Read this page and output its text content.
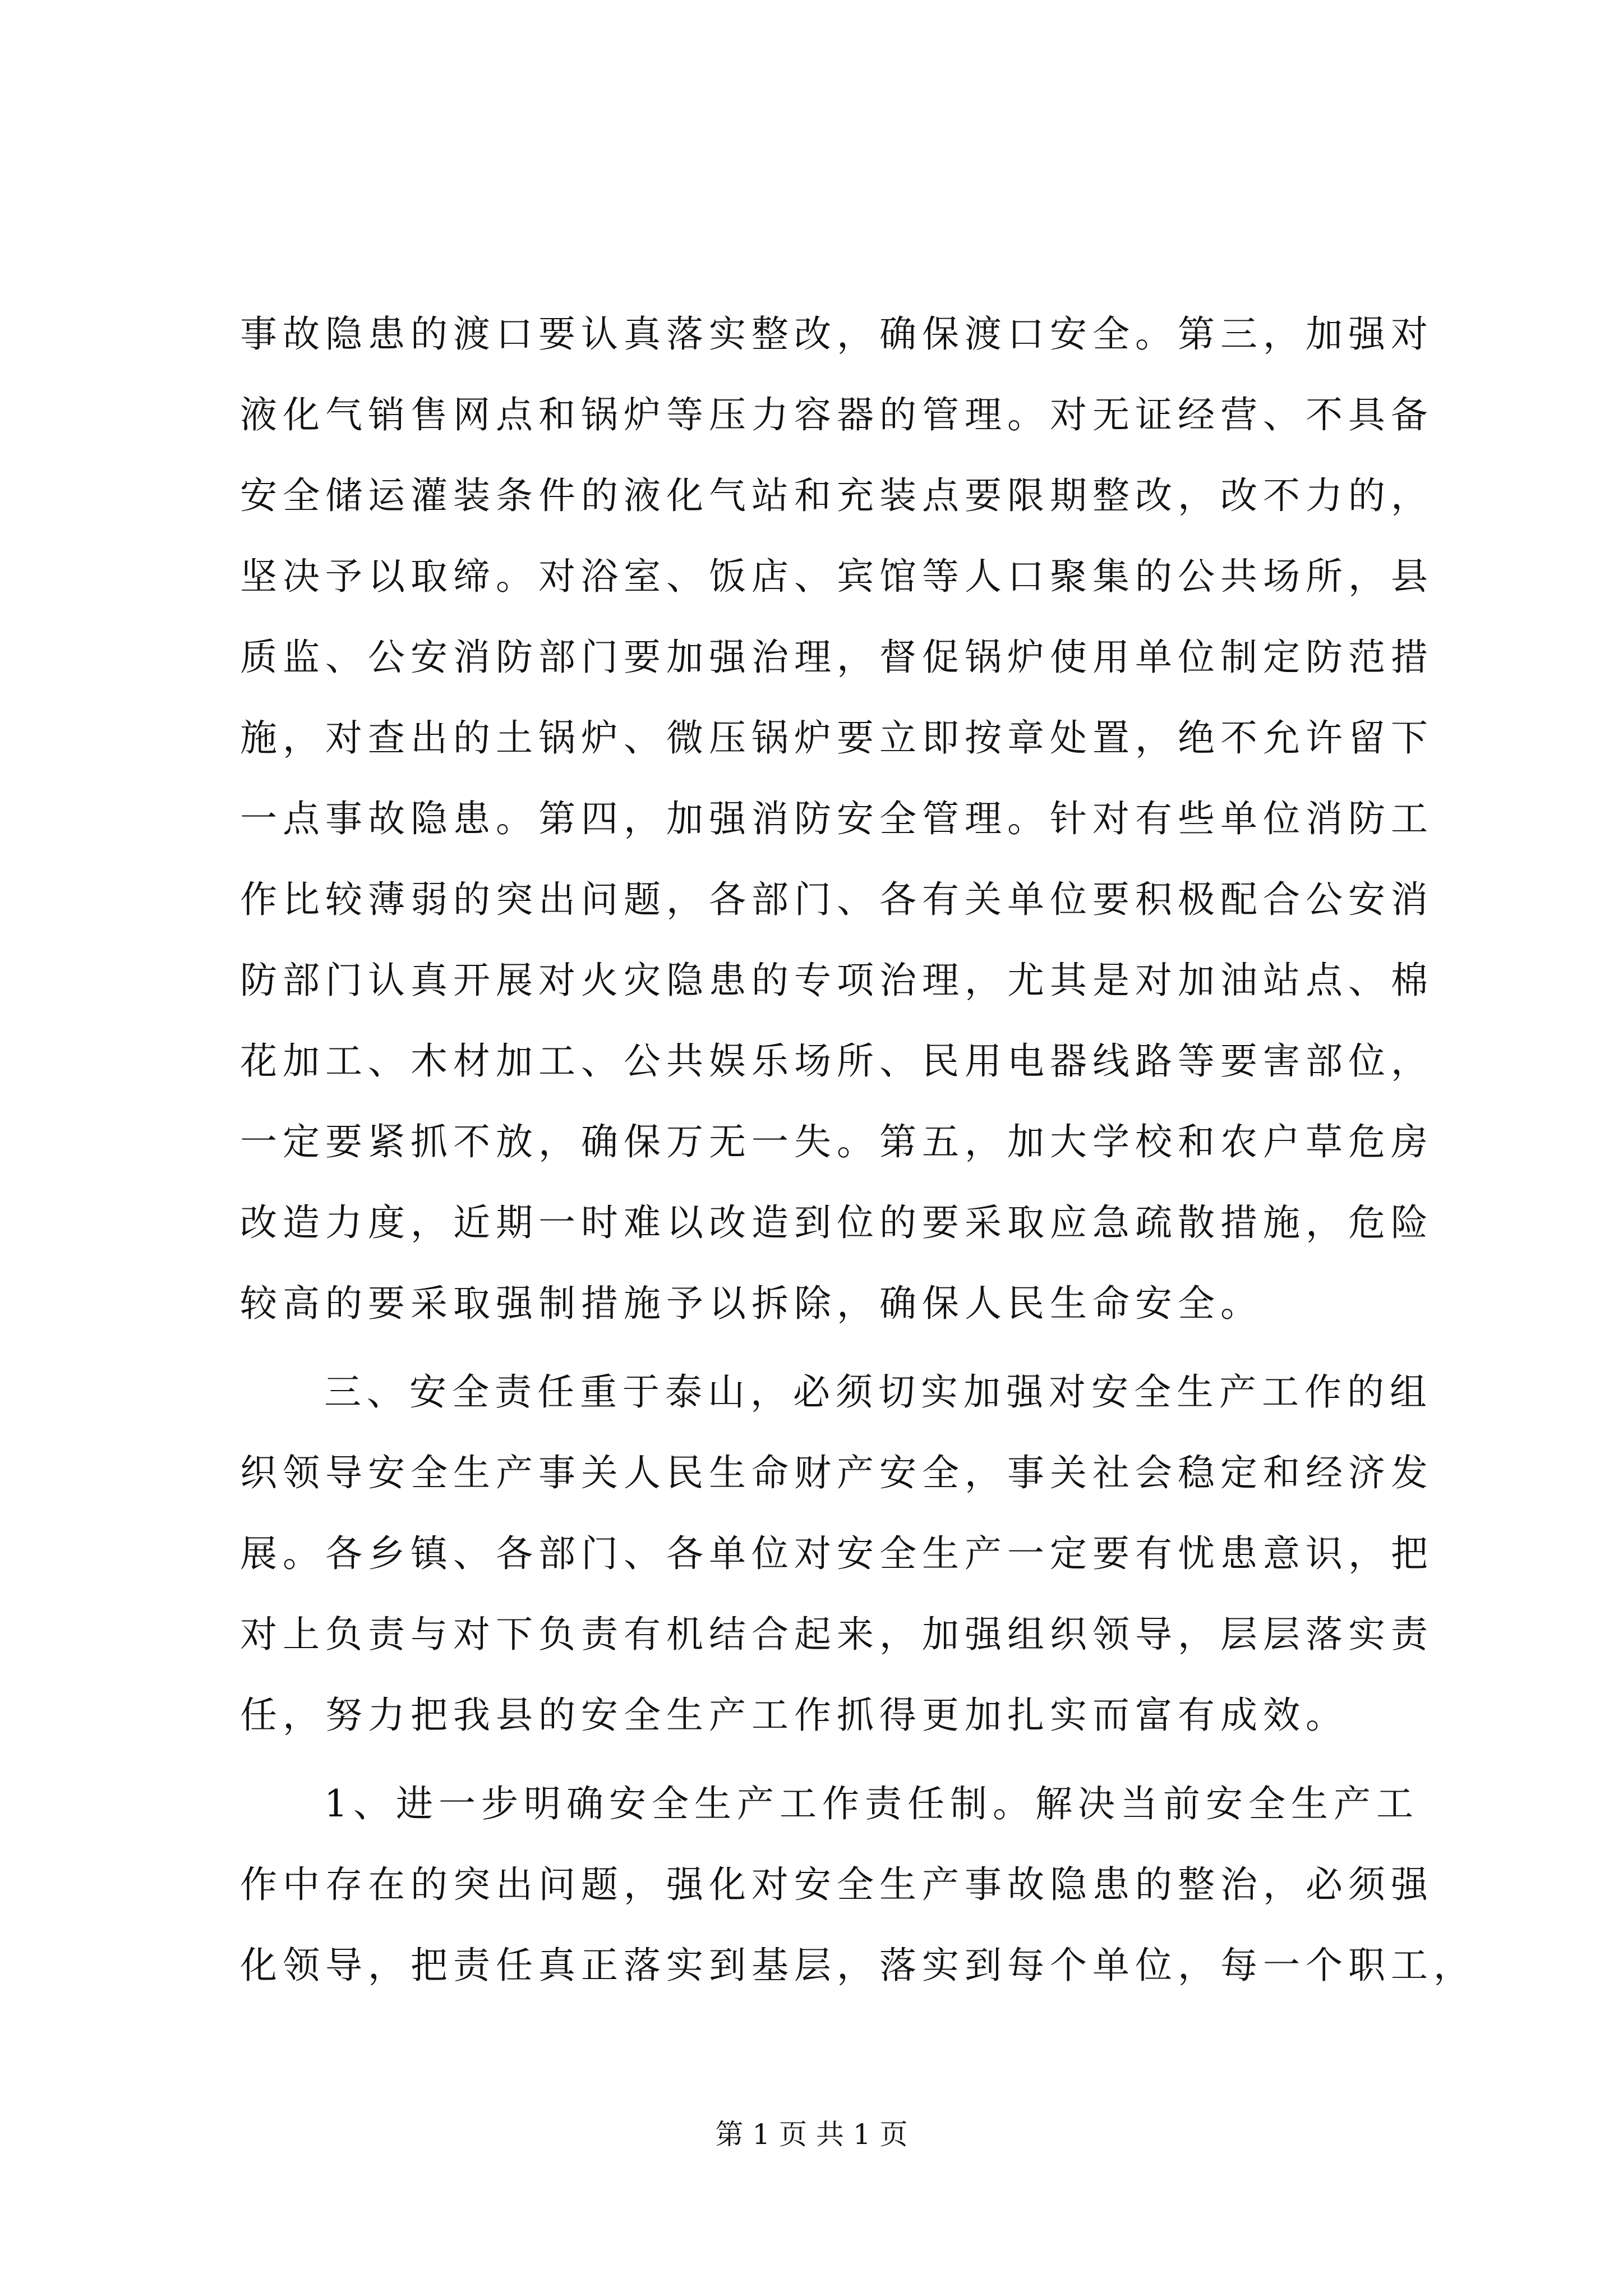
事故隐患的渡口要认真落实整改，确保渡口安全。第三，加强对
液化气销售网点和锅炉等压力容器的管理。对无证经营、不具备
安全储运灌装条件的液化气站和充装点要限期整改，改不力的，
坚决予以取缔。对浴室、饭店、宾馆等人口聚集的公共场所，县
质监、公安消防部门要加强治理，督促锅炉使用单位制定防范措
施，对查出的土锅炉、微压锅炉要立即按章处置，绝不允许留下
一点事故隐患。第四，加强消防安全管理。针对有些单位消防工
作比较薄弱的突出问题，各部门、各有关单位要积极配合公安消
防部门认真开展对火灾隐患的专项治理，尤其是对加油站点、棉
花加工、木材加工、公共娱乐场所、民用电器线路等要害部位，
一定要紧抓不放，确保万无一失。第五，加大学校和农户草危房
改造力度，近期一时难以改造到位的要采取应急疏散措施，危险
较高的要采取强制措施予以拆除，确保人民生命安全。
三、安全责任重于泰山，必须切实加强对安全生产工作的组
织领导安全生产事关人民生命财产安全，事关社会稳定和经济发
展。各乡镇、各部门、各单位对安全生产一定要有忧患意识，把
对上负责与对下负责有机结合起来，加强组织领导，层层落实责
任，努力把我县的安全生产工作抓得更加扎实而富有成效。
1、进一步明确安全生产工作责任制。解决当前安全生产工
作中存在的突出问题，强化对安全生产事故隐患的整治，必须强
化领导，把责任真正落实到基层，落实到每个单位，每一个职工，
第 1 页 共 1 页
